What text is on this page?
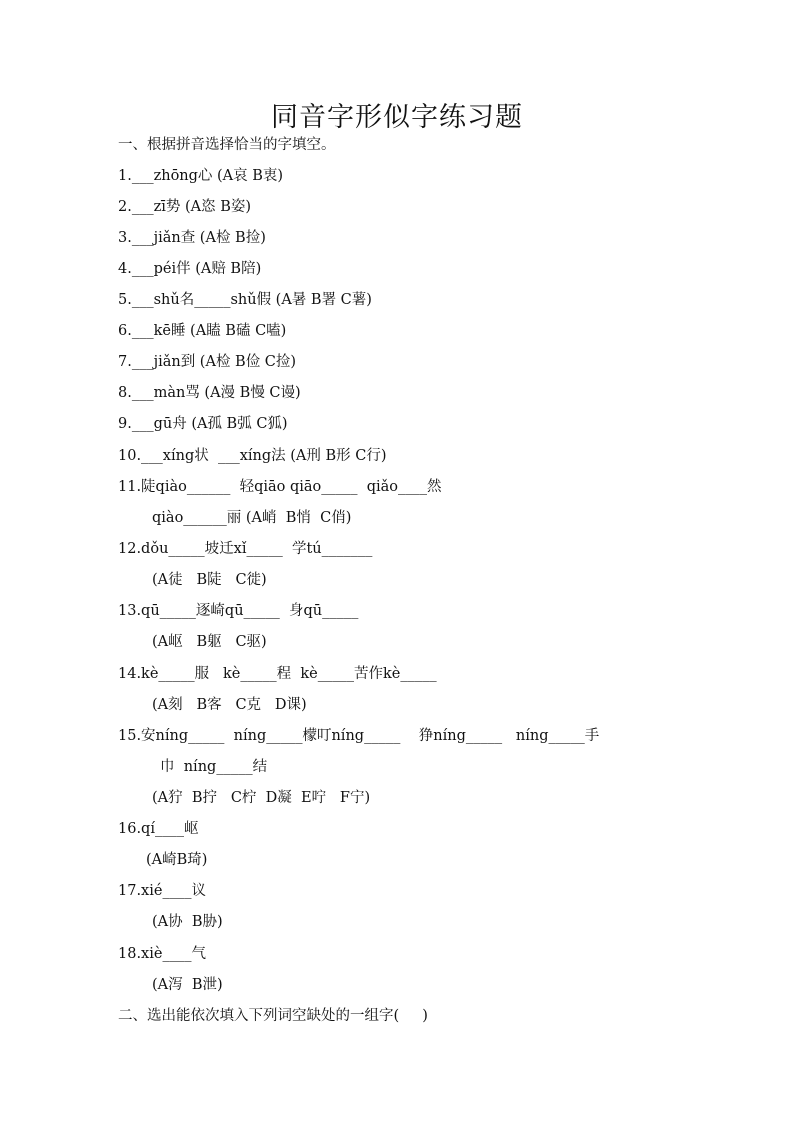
同音字形似字练习题
一、根据拼音选择恰当的字填空。
1.___zhōng心 (A哀 B衷)
2.___zī势 (A恣 B姿)
3.___jiǎn查 (A检 B捡)
4.___péi伴 (A赔 B陪)
5.___shǔ名_____shǔ假 (A暑 B署 C薯)
6.___kē睡 (A瞌 B磕 C嗑)
7.___jiǎn到 (A检 B俭 C捡)
8.___màn骂 (A漫 B慢 C谩)
9.___gū舟 (A孤 B弧 C狐)
10.___xíng状  ___xíng法 (A刑 B形 C行)
11.陡qiào______  轻qiāo qiāo_____  qiǎo____然
qiào______丽 (A峭  B悄  C俏)
12.dǒu_____坡迁xǐ_____  学tú_______
(A徒   B陡   C徙)
13.qū_____逐崎qū_____  身qū_____
(A岖   B躯   C驱)
14.kè_____服   kè_____程  kè_____苦作kè_____
(A刻   B客   C克   D课)
15.安níng_____  níng_____檬叮níng_____    狰níng_____   níng_____手
巾  níng_____结
(A狞  B拧   C柠  D凝  E咛   F宁)
16.qí____岖
(A崎B琦)
17.xié____议
(A协  B胁)
18.xiè____气
(A泻  B泄)
二、选出能依次填入下列词空缺处的一组字(     )
